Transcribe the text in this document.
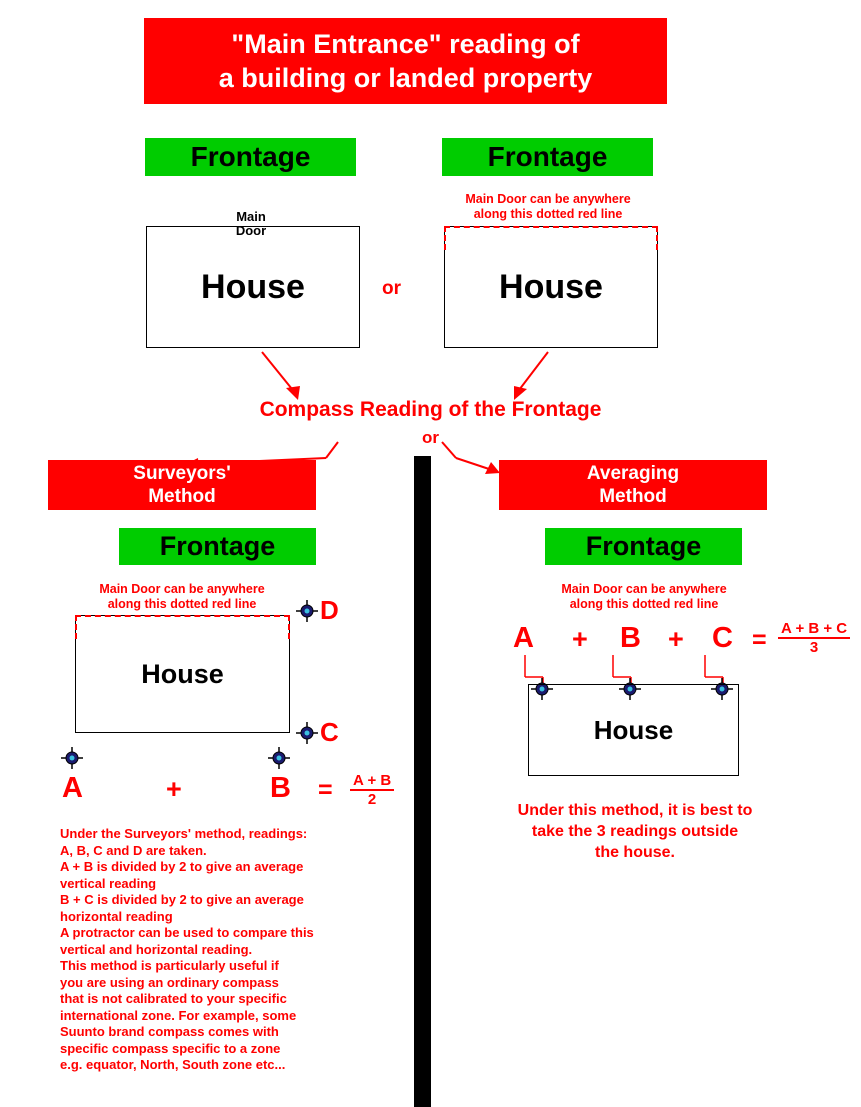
"Main Entrance" reading of
a building or landed property
Frontage
Main
Door
House	or
Frontage
Main Door can be anywhere
along this dotted red line
House
Compass Reading of the Frontage
or
Surveyors'
Method
Frontage
Main Door can be anywhere
along this dotted red line
House
D
C
A	+	$B = \frac{A + B}{2}$
Under the Surveyors' method, readings:
A, B, C and D are taken.
A + B is divided by 2 to give an average
vertical reading
B + C is divided by 2 to give an average
horizontal reading
A protractor can be used to compare this
vertical and horizontal reading.
This method is particularly useful if
you are using an ordinary compass
that is not calibrated to your specific
international zone. For example, some
Suunto brand compass comes with
specific compass specific to a zone
e.g. equator, North, South zone etc...
Averaging
Method
Frontage
Main Door can be anywhere
along this dotted red line
$A + B + C = \frac{A + B + C}{3}$
House
Under this method, it is best to
take the 3 readings outside
the house.
